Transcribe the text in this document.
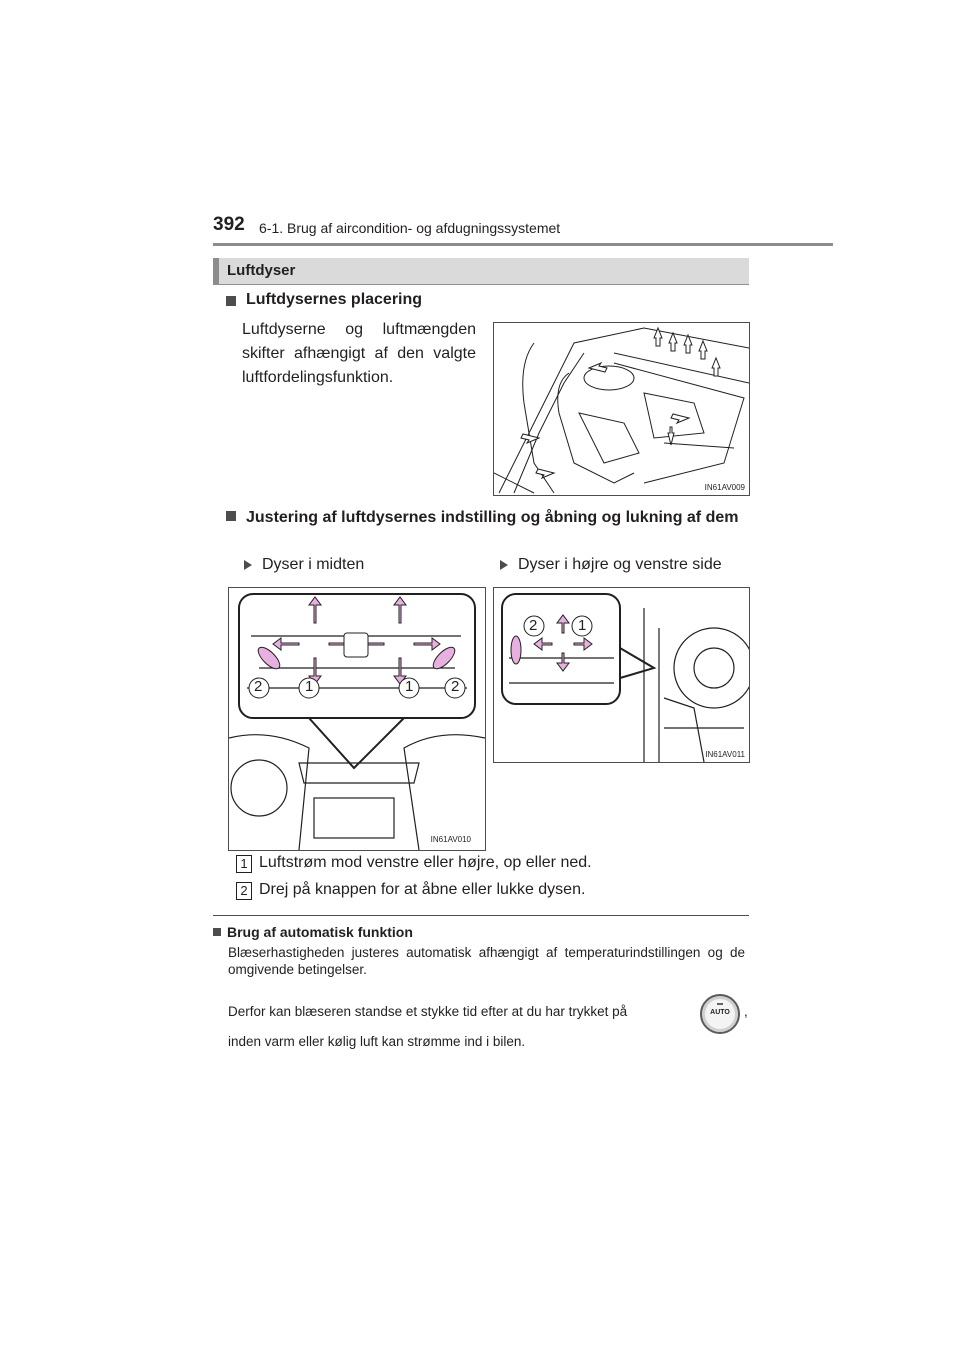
392 6-1. Brug af aircondition- og afdugningssystemet
Luftdyser
Luftdysernes placering
Luftdyserne og luftmængden skifter afhængigt af den valgte luftfordelingsfunktion.
IN61AV009
Justering af luftdysernes indstilling og åbning og lukning af dem
Dyser i midten	Dyser i højre og venstre side
2	1	1	2
IN61AV010
2	1
IN61AV011
1 Luftstrøm mod venstre eller højre, op eller ned.
2 Drej på knappen for at åbne eller lukke dysen.
Brug af automatisk funktion
Blæserhastigheden justeres automatisk afhængigt af temperaturindstillingen og de omgivende betingelser.
Derfor kan blæseren standse et stykke tid efter at du har trykket på	AUTO	,
inden varm eller kølig luft kan strømme ind i bilen.
